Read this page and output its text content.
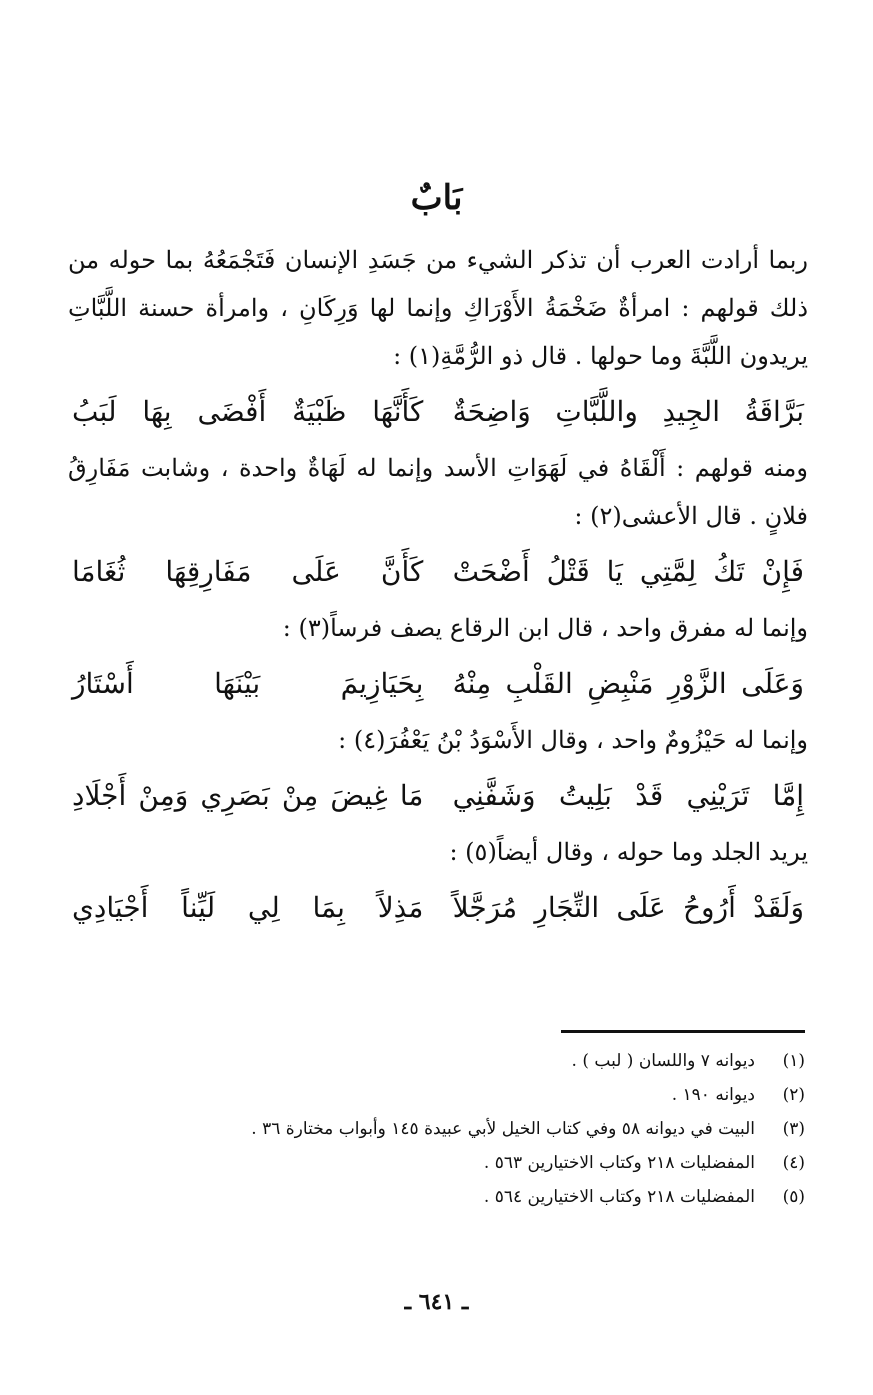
بَابٌ

ربما أرادت العرب أن تذكر الشيء من جَسَدِ الإنسان فَتَجْمَعُهُ بما حوله من ذلك قولهم : امرأةٌ ضَخْمَةُ الأَوْرَاكِ وإنما لها وَرِكَانِ ، وامرأة حسنة اللَّبَّاتِ يريدون اللَّبَّةَ وما حولها . قال ذو الرُّمَّةِ(١) :

بَرَّاقَةُ الجِيدِ واللَّبَّاتِ وَاضِحَةٌ
كَأَنَّهَا ظَبْيَةٌ أَفْضَى بِهَا لَبَبُ

ومنه قولهم : أَلْقَاهُ في لَهَوَاتِ الأسد وإنما له لَهَاةٌ واحدة ، وشابت مَفَارِقُ فلانٍ . قال الأعشى(٢) :

فَإِنْ تَكُ لِمَّتِي يَا قَتْلُ أَضْحَتْ
كَأَنَّ عَلَى مَفَارِقِهَا ثُغَامَا

وإنما له مفرق واحد ، قال ابن الرقاع يصف فرساً(٣) :

وَعَلَى الزَّوْرِ مَنْبِضِ القَلْبِ مِنْهُ
بِحَيَازِيمَ بَيْنَهَا أَسْتَارُ

وإنما له حَيْزُومٌ واحد ، وقال الأَسْوَدُ بْنُ يَعْفُرَ(٤) :

إِمَّا تَرَيْنِي قَدْ بَلِيتُ وَشَفَّنِي
مَا غِيضَ مِنْ بَصَرِي وَمِنْ أَجْلَادِ

يريد الجلد وما حوله ، وقال أيضاً(٥) :

وَلَقَدْ أَرُوحُ عَلَى التِّجَارِ مُرَجَّلاً
مَذِلاً بِمَا لِي لَيِّناً أَجْيَادِي
(١)ديوانه ٧ واللسان ( لبب ) .
(٢)ديوانه ١٩٠ .
(٣)البيت في ديوانه ٥٨ وفي كتاب الخيل لأبي عبيدة ١٤٥ وأبواب مختارة ٣٦ .
(٤)المفضليات ٢١٨ وكتاب الاختيارين ٥٦٣ .
(٥)المفضليات ٢١٨ وكتاب الاختيارين ٥٦٤ .
ـ ٦٤١ ـ
